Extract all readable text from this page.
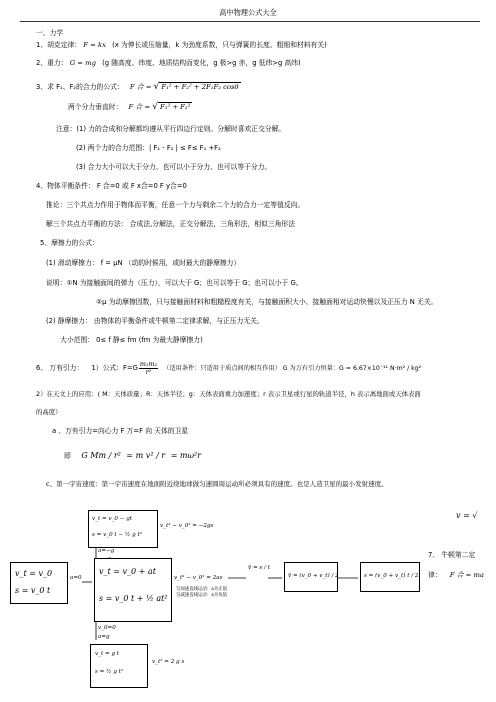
高中物理公式大全
一、力学
1、胡克定律： F = kx (x 为伸长或压缩量，k 为劲度系数，只与弹簧的长度、粗细和材料有关)
2、重力： G = mg (g 随高度、纬度、地质结构而变化，g 极>g 赤，g 低纬>g 高纬)
3、求 F₁、F₂的合力的公式： F 合 = √ F₁² + F₂² + 2F₁F₂ cosθ
两个分力垂直时： F 合 = √ F₁² + F₂²
注意：(1) 力的合成和分解都均遵从平行四边行定则。分解时喜欢正交分解。
(2) 两个力的合力范围：| F₁ - F₂ | ≤ F≤ F₁ +F₂
(3) 合力大小可以大于分力、也可以小于分力、也可以等于分力。
4、物体平衡条件： F 合=0 或 F x合=0 F y合=0
推论：三个共点力作用于物体而平衡，任意一个力与剩余二个力的合力一定等值反向。
解三个共点力平衡的方法： 合成法,分解法，正交分解法，三角形法，相似三角形法
5、摩擦力的公式：
(1) 滑动摩擦力： f = μN （动的时候用，或时最大的静摩擦力）
说明：①N 为接触面间的弹力（压力），可以大于 G；也可以等于 G；也可以小于 G。
②μ 为动摩擦因数，只与接触面材料和粗糙程度有关，与接触面积大小、接触面相对运动快慢以及正压力 N 无关。
(2) 静摩擦力： 由物体的平衡条件或牛顿第二定律求解，与正压力无关。
大小范围： 0≤ f 静≤ fm (fm 为最大静摩擦力)
6、 万有引力： 1）公式：$F=G \frac{\text{m₁m₂}}{\text{r²}}$ （适用条件：只适用于质点间的相互作用） G 为万有引力恒量：G = 6.67×10⁻¹¹ N·m² / kg²
2）在天文上的应用：( M：天体质量；R：天体半径；g：天体表面重力加速度；r 表示卫星或行星的轨道半径，h 表示离地面或天体表面
的高度）
a 、万有引力=向心力 F 万=F 向 天体的卫星
即 G Mm / r² = m v² / r = mω²r
c、第一宇宙速度：第一宇宙速度在地面附近绕地球做匀速圆周运动所必须具有的速度。也是人造卫星的最小发射速度。
v = √
7、 牛顿第二定
律： F 合 = ma
v_t = v_0 − gt
s = v_0 t − ½ g t²
v_t² − v_0² = −2gs
a=−g
v_t = v_0
s = v_0 t
a=0
v_t = v_0 + at
s = v_0 t + ½ at²
v_t² − v_0² = 2as
匀加速直线运动：a为正值
匀减速直线运动：a为负值
v̄ = s / t
v̄ = (v_0 + v_t) / 2	s = (v_0 + v_t) t / 2
v_0=0
a=g
v_t = g t
s = ½ g t²
v_t² = 2 g s
